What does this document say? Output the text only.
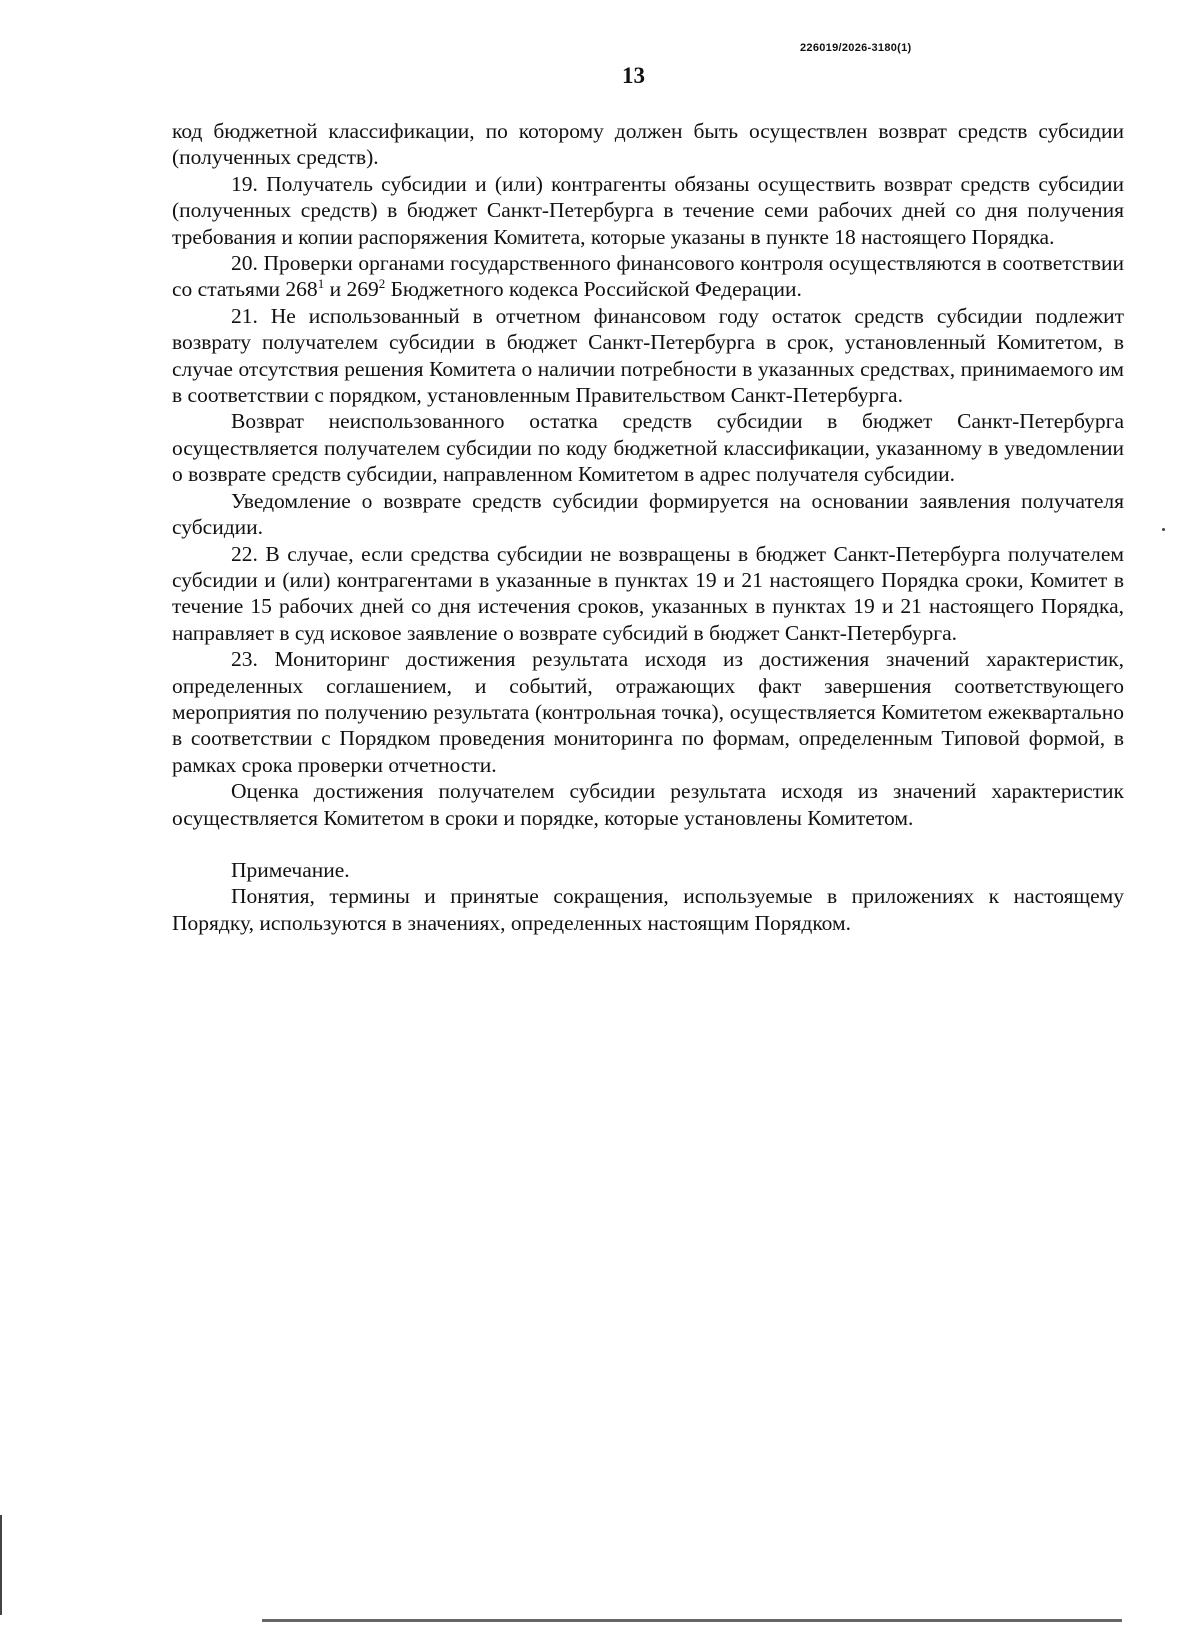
226019/2026-3180(1)
13

код бюджетной классификации, по которому должен быть осуществлен возврат средств субсидии (полученных средств).

19. Получатель субсидии и (или) контрагенты обязаны осуществить возврат средств субсидии (полученных средств) в бюджет Санкт-Петербурга в течение семи рабочих дней со дня получения требования и копии распоряжения Комитета, которые указаны в пункте 18 настоящего Порядка.

20. Проверки органами государственного финансового контроля осуществляются в соответствии со статьями $268^1$ и $269^2$ Бюджетного кодекса Российской Федерации.

21. Не использованный в отчетном финансовом году остаток средств субсидии подлежит возврату получателем субсидии в бюджет Санкт-Петербурга в срок, установленный Комитетом, в случае отсутствия решения Комитета о наличии потребности в указанных средствах, принимаемого им в соответствии с порядком, установленным Правительством Санкт-Петербурга.

Возврат неиспользованного остатка средств субсидии в бюджет Санкт-Петербурга осуществляется получателем субсидии по коду бюджетной классификации, указанному в уведомлении о возврате средств субсидии, направленном Комитетом в адрес получателя субсидии.

Уведомление о возврате средств субсидии формируется на основании заявления получателя субсидии.

22. В случае, если средства субсидии не возвращены в бюджет Санкт-Петербурга получателем субсидии и (или) контрагентами в указанные в пунктах 19 и 21 настоящего Порядка сроки, Комитет в течение 15 рабочих дней со дня истечения сроков, указанных в пунктах 19 и 21 настоящего Порядка, направляет в суд исковое заявление о возврате субсидий в бюджет Санкт-Петербурга.

23. Мониторинг достижения результата исходя из достижения значений характеристик, определенных соглашением, и событий, отражающих факт завершения соответствующего мероприятия по получению результата (контрольная точка), осуществляется Комитетом ежеквартально в соответствии с Порядком проведения мониторинга по формам, определенным Типовой формой, в рамках срока проверки отчетности.

Оценка достижения получателем субсидии результата исходя из значений характеристик осуществляется Комитетом в сроки и порядке, которые установлены Комитетом.

Примечание.

Понятия, термины и принятые сокращения, используемые в приложениях к настоящему Порядку, используются в значениях, определенных настоящим Порядком.
